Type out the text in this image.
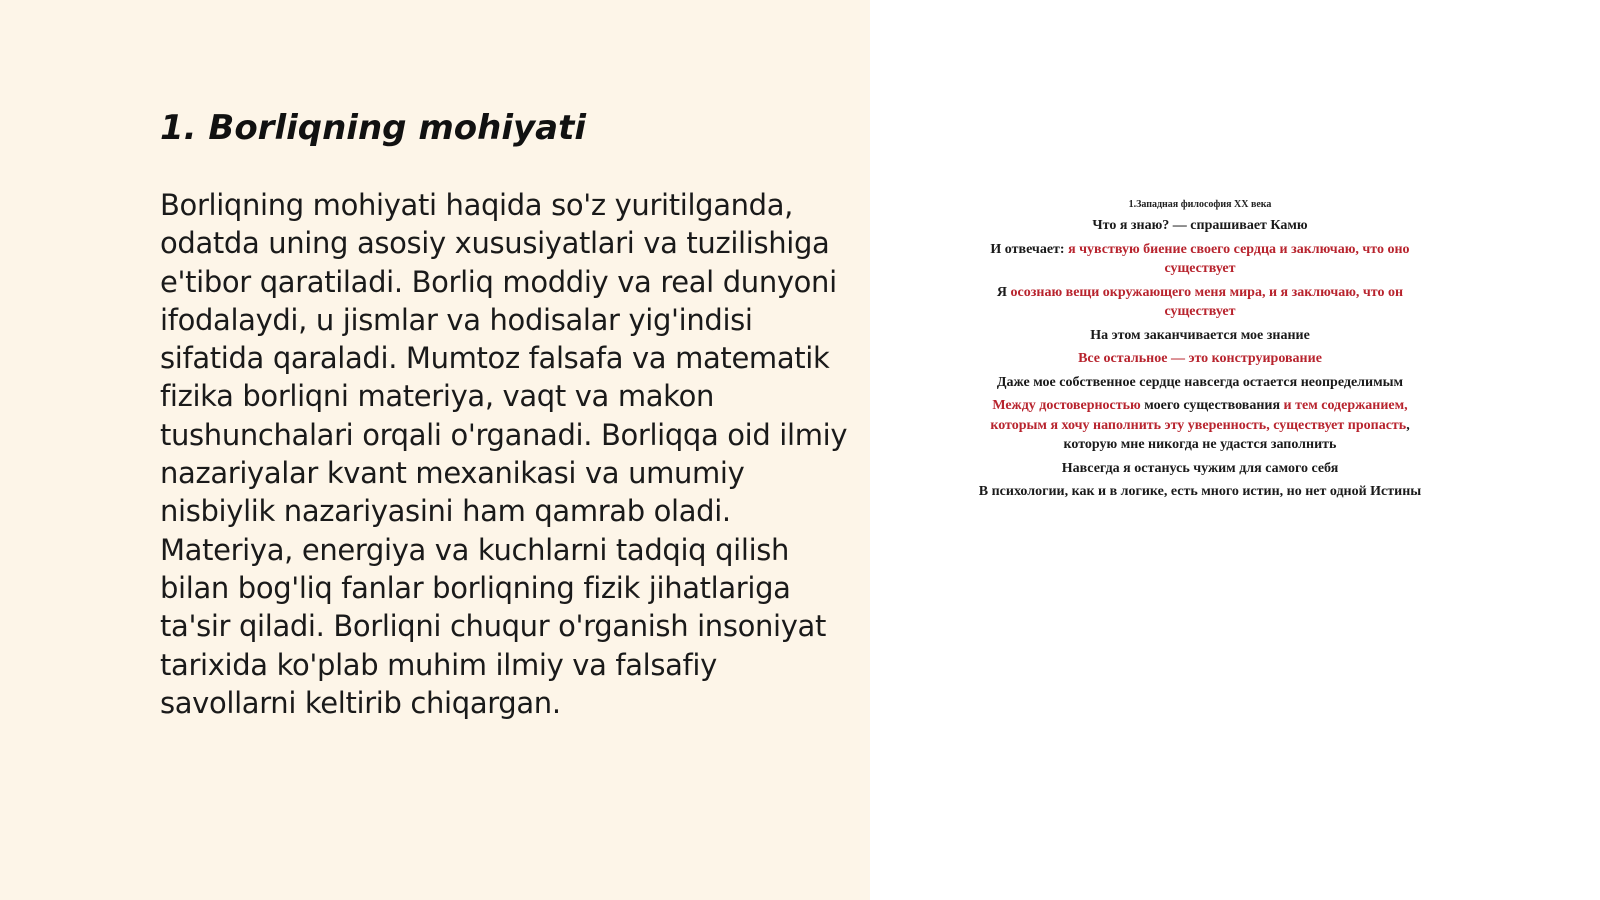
1. Borliqning mohiyati

Borliqning mohiyati haqida so'z yuritilganda, odatda uning asosiy xususiyatlari va tuzilishiga e'tibor qaratiladi. Borliq moddiy va real dunyoni ifodalaydi, u jismlar va hodisalar yig'indisi sifatida qaraladi. Mumtoz falsafa va matematik fizika borliqni materiya, vaqt va makon tushunchalari orqali o'rganadi. Borliqqa oid ilmiy nazariyalar kvant mexanikasi va umumiy nisbiylik nazariyasini ham qamrab oladi. Materiya, energiya va kuchlarni tadqiq qilish bilan bog'liq fanlar borliqning fizik jihatlariga ta'sir qiladi. Borliqni chuqur o'rganish insoniyat tarixida ko'plab muhim ilmiy va falsafiy savollarni keltirib chiqargan.

1.Западная философия XX века
Что я знаю? — спрашивает Камю
И отвечает: я чувствую биение своего сердца и заключаю, что оно существует
Я осознаю вещи окружающего меня мира, и я заключаю, что он существует
На этом заканчивается мое знание
Все остальное — это конструирование
Даже мое собственное сердце навсегда остается неопределимым
Между достоверностью моего существования и тем содержанием, которым я хочу наполнить эту уверенность, существует пропасть, которую мне никогда не удастся заполнить
Навсегда я останусь чужим для самого себя
В психологии, как и в логике, есть много истин, но нет одной Истины
